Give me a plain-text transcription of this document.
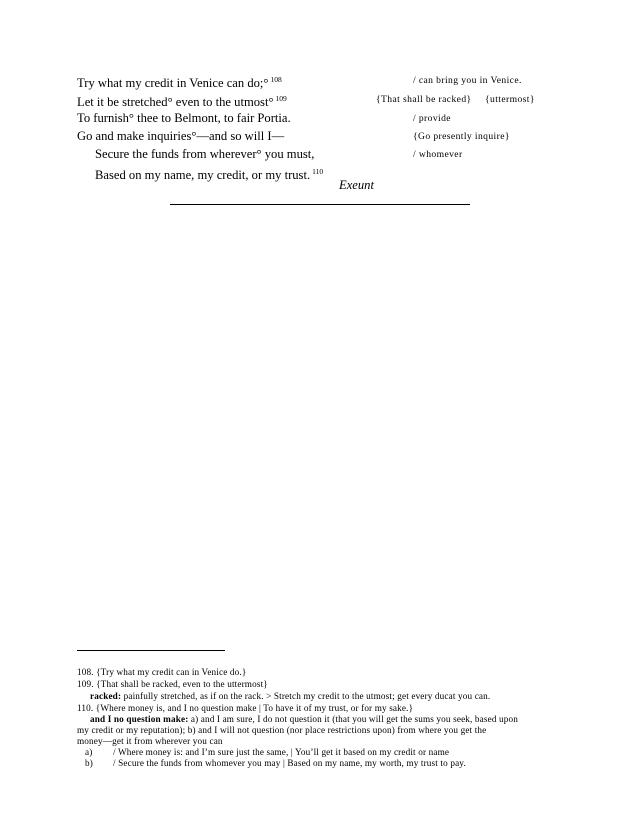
Try what my credit in Venice can do;° $^{108}$
Let it be stretched° even to the utmost° $^{109}$
To furnish° thee to Belmont, to fair Portia.
Go and make inquiries°—and so will I—
Secure the funds from wherever° you must,
Based on my name, my credit, or my trust. $^{110}$
/ can bring you in Venice.
{That shall be racked} {uttermost}
/ provide
{Go presently inquire}
/ whomever
Exeunt
108. {Try what my credit can in Venice do.}
109. {That shall be racked, even to the uttermost}
racked: painfully stretched, as if on the rack. > Stretch my credit to the utmost; get every ducat you can.
110. {Where money is, and I no question make | To have it of my trust, or for my sake.}
and I no question make: a) and I am sure, I do not question it (that you will get the sums you seek, based upon
my credit or my reputation); b) and I will not question (nor place restrictions upon) from where you get the
money—get it from wherever you can
a) / Where money is: and I’m sure just the same, | You’ll get it based on my credit or name
b) / Secure the funds from whomever you may | Based on my name, my worth, my trust to pay.
